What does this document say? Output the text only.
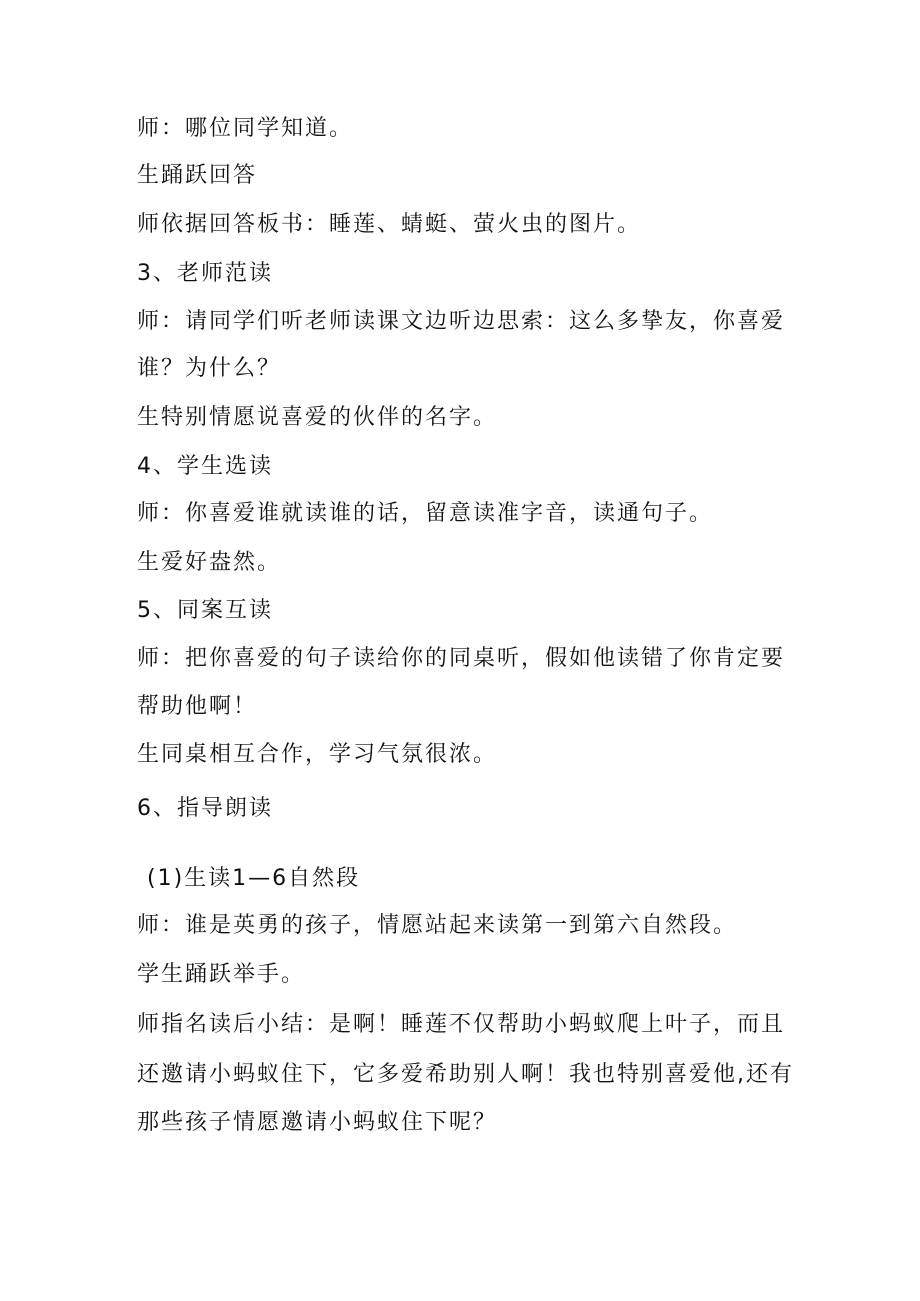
师：哪位同学知道。
生踊跃回答
师依据回答板书：睡莲、蜻蜓、萤火虫的图片。
3、老师范读
师：请同学们听老师读课文边听边思索：这么多挚友，你喜爱
谁？为什么？
生特别情愿说喜爱的伙伴的名字。
4、学生选读
师：你喜爱谁就读谁的话，留意读准字音，读通句子。
生爱好盎然。
5、同案互读
师：把你喜爱的句子读给你的同桌听，假如他读错了你肯定要
帮助他啊！
生同桌相互合作，学习气氛很浓。
6、指导朗读
(1)生读1—6自然段
师：谁是英勇的孩子，情愿站起来读第一到第六自然段。
学生踊跃举手。
师指名读后小结：是啊！睡莲不仅帮助小蚂蚁爬上叶子，而且
还邀请小蚂蚁住下，它多爱希助别人啊！我也特别喜爱他,还有
那些孩子情愿邀请小蚂蚁住下呢？
